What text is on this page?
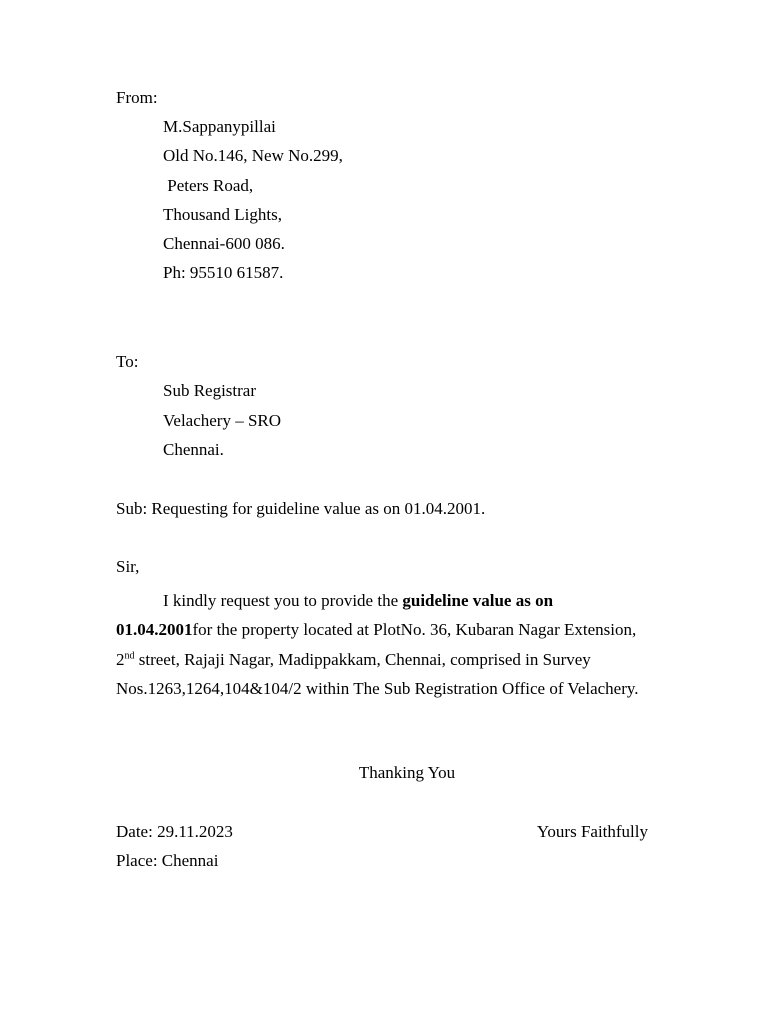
From:
M.Sappanypillai
Old No.146, New No.299,
Peters Road,
Thousand Lights,
Chennai-600 086.
Ph: 95510 61587.
To:
Sub Registrar
Velachery – SRO
Chennai.
Sub: Requesting for guideline value as on 01.04.2001.
Sir,
I kindly request you to provide the guideline value as on 01.04.2001for the property located at PlotNo. 36, Kubaran Nagar Extension, 2nd street, Rajaji Nagar, Madippakkam, Chennai, comprised in Survey Nos.1263,1264,104&104/2 within The Sub Registration Office of Velachery.
Thanking You
Date: 29.11.2023	Yours Faithfully
Place: Chennai
